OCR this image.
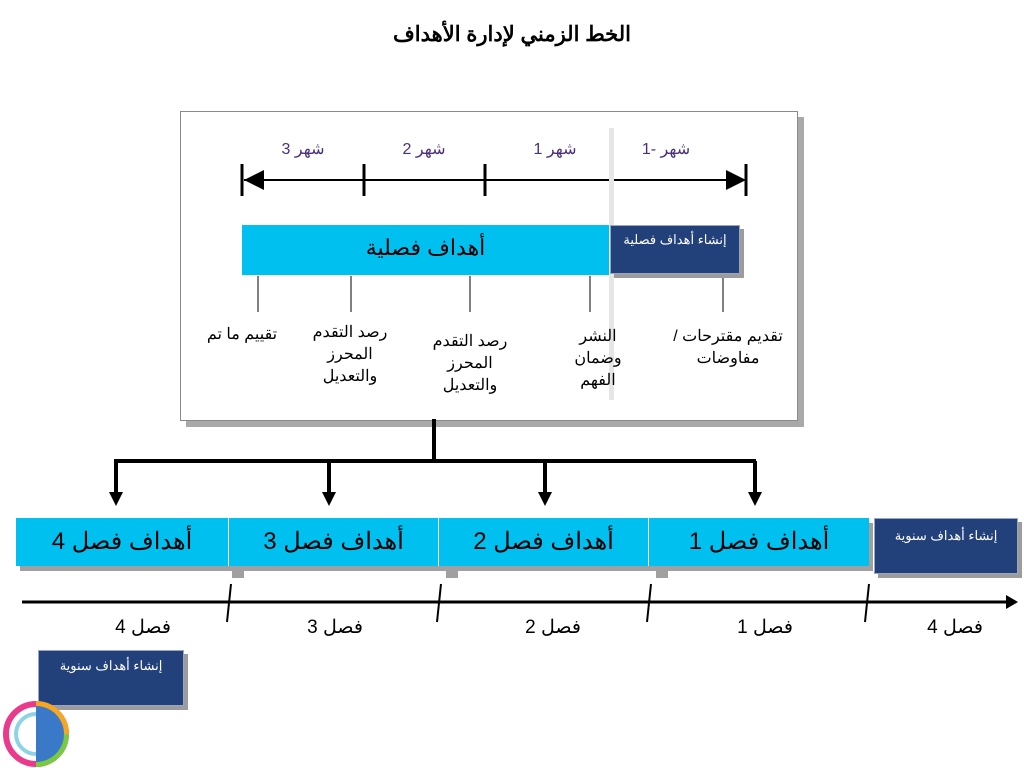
الخط الزمني لإدارة الأهداف
شهر 3	شهر 2	شهر 1	شهر -1
أهداف فصلية	إنشاء أهداف فصلية
تقييم ما تم	رصد التقدم المحرز والتعديل
رصد التقدم المحرز والتعديل
النشر وضمان الفهم
تقديم مقترحات / مفاوضات
أهداف فصل 4	أهداف فصل 3	أهداف فصل 2	أهداف فصل 1	إنشاء أهداف سنوية
فصل 4	فصل 3	فصل 2	فصل 1	فصل 4
إنشاء أهداف سنوية
